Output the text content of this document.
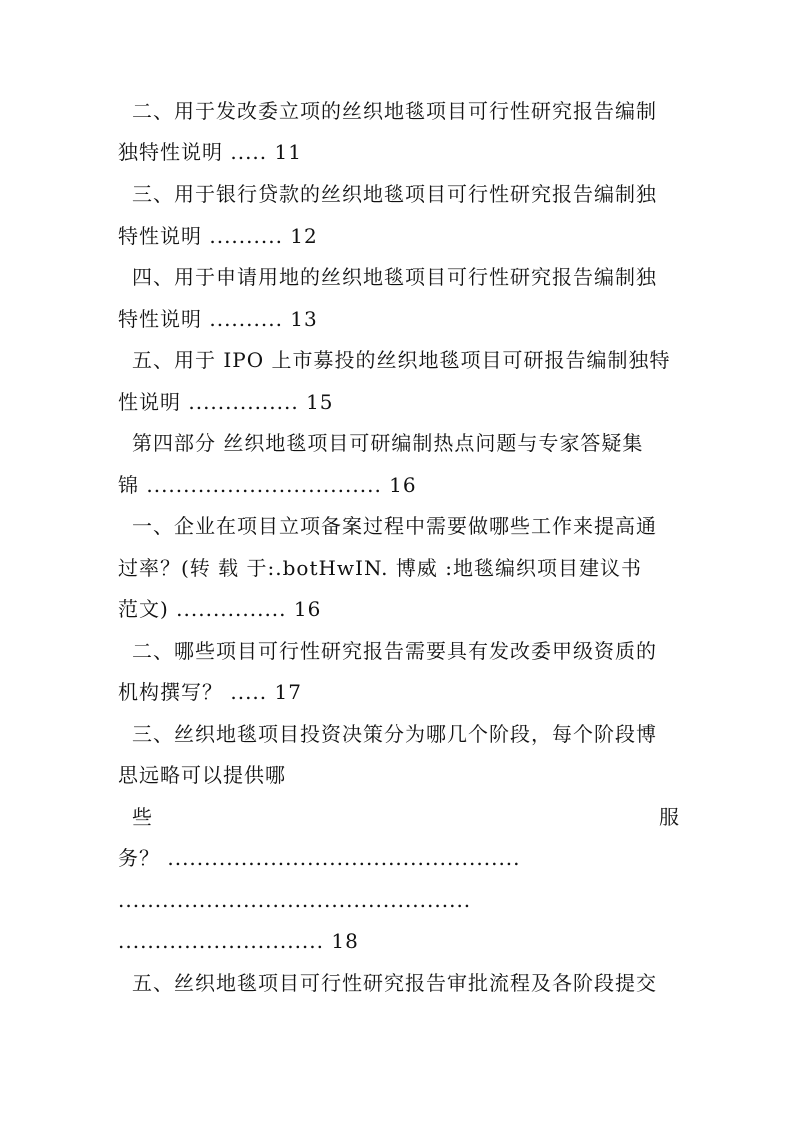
二、用于发改委立项的丝织地毯项目可行性研究报告编制
独特性说明 ..... 11
三、用于银行贷款的丝织地毯项目可行性研究报告编制独
特性说明 .......... 12
四、用于申请用地的丝织地毯项目可行性研究报告编制独
特性说明 .......... 13
五、用于 IPO 上市募投的丝织地毯项目可研报告编制独特
性说明 ............... 15
第四部分 丝织地毯项目可研编制热点问题与专家答疑集
锦 ................................ 16
一、企业在项目立项备案过程中需要做哪些工作来提高通
过率？(转 载 于:.botHwIN. 博威 :地毯编织项目建议书
范文) ............... 16
二、哪些项目可行性研究报告需要具有发改委甲级资质的
机构撰写？ ..... 17
三、丝织地毯项目投资决策分为哪几个阶段，每个阶段博
思远略可以提供哪
些	服
务？ ................................................
................................................
............................ 18
五、丝织地毯项目可行性研究报告审批流程及各阶段提交
